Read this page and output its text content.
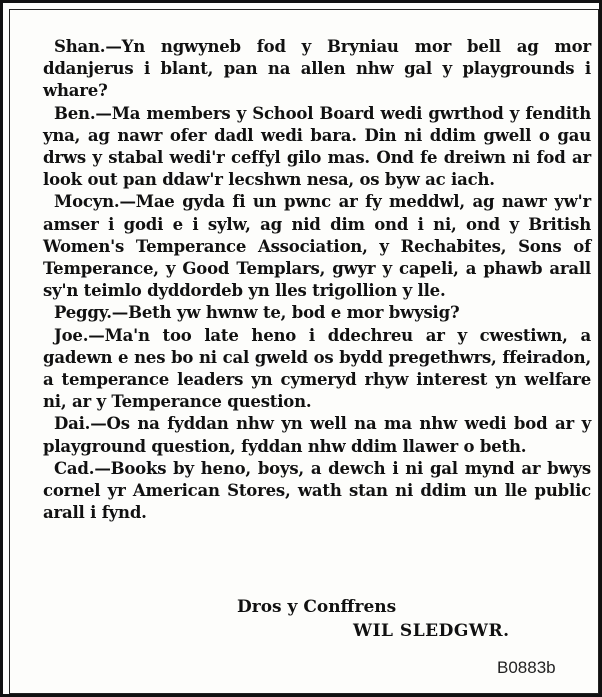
Shan.—Yn ngwyneb fod y Bryniau mor bell ag mor ddanjerus i blant, pan na allen nhw gal y playgrounds i whare?

Ben.—Ma members y School Board wedi gwrthod y fendith yna, ag nawr ofer dadl wedi bara. Din ni ddim gwell o gau drws y stabal wedi'r ceffyl gilo mas. Ond fe dreiwn ni fod ar look out pan ddaw'r lecshwn nesa, os byw ac iach.

Mocyn.—Mae gyda fi un pwnc ar fy meddwl, ag nawr yw'r amser i godi e i sylw, ag nid dim ond i ni, ond y British Women's Temperance Association, y Rechabites, Sons of Temperance, y Good Templars, gwyr y capeli, a phawb arall sy'n teimlo dyddordeb yn lles trigollion y lle.

Peggy.—Beth yw hwnw te, bod e mor bwysig?

Joe.—Ma'n too late heno i ddechreu ar y cwestiwn, a gadewn e nes bo ni cal gweld os bydd pregethwrs, ffeiradon, a temperance leaders yn cymeryd rhyw interest yn welfare ni, ar y Temperance question.

Dai.—Os na fyddan nhw yn well na ma nhw wedi bod ar y playground question, fyddan nhw ddim llawer o beth.

Cad.—Books by heno, boys, a dewch i ni gal mynd ar bwys cornel yr American Stores, wath stan ni ddim un lle public arall i fynd.

Dros y Conffrens
WIL SLEDGWR.
B0883b
